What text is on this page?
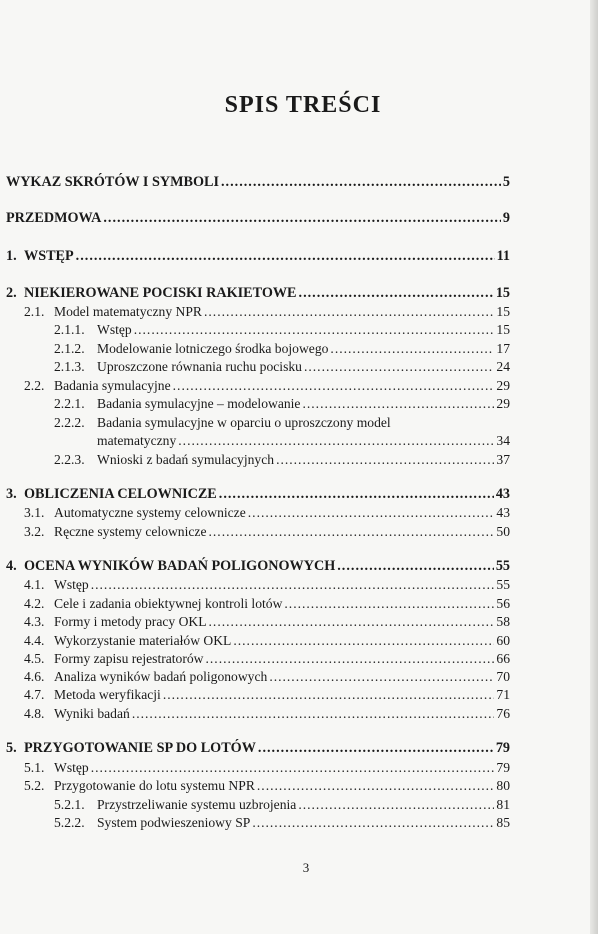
SPIS TREŚCI
WYKAZ SKRÓTÓW I SYMBOLI .....	5
PRZEDMOWA .....	9
1. WSTĘP .....	11
2. NIEKIEROWANE POCISKI RAKIETOWE .....	15
2.1. Model matematyczny NPR .....	15
2.1.1. Wstęp .....	15
2.1.2. Modelowanie lotniczego środka bojowego .....	17
2.1.3. Uproszczone równania ruchu pocisku .....	24
2.2. Badania symulacyjne .....	29
2.2.1. Badania symulacyjne – modelowanie .....	29
2.2.2. Badania symulacyjne w oparciu o uproszczony model
matematyczny .....	34
2.2.3. Wnioski z badań symulacyjnych .....	37
3. OBLICZENIA CELOWNICZE .....	43
3.1. Automatyczne systemy celownicze .....	43
3.2. Ręczne systemy celownicze .....	50
4. OCENA WYNIKÓW BADAŃ POLIGONOWYCH .....	55
4.1. Wstęp .....	55
4.2. Cele i zadania obiektywnej kontroli lotów .....	56
4.3. Formy i metody pracy OKL .....	58
4.4. Wykorzystanie materiałów OKL .....	60
4.5. Formy zapisu rejestratorów .....	66
4.6. Analiza wyników badań poligonowych .....	70
4.7. Metoda weryfikacji .....	71
4.8. Wyniki badań .....	76
5. PRZYGOTOWANIE SP DO LOTÓW .....	79
5.1. Wstęp .....	79
5.2. Przygotowanie do lotu systemu NPR .....	80
5.2.1. Przystrzeliwanie systemu uzbrojenia .....	81
5.2.2. System podwieszeniowy SP .....	85
3
